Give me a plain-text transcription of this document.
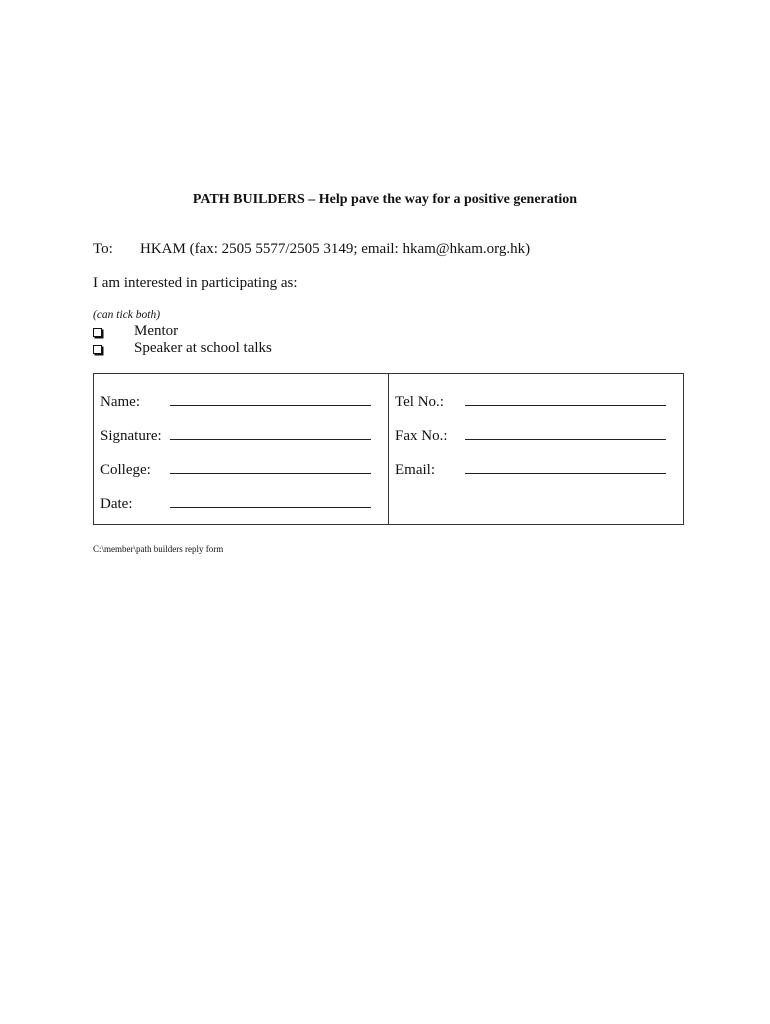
PATH BUILDERS – Help pave the way for a positive generation
To: HKAM (fax: 2505 5577/2505 3149; email: hkam@hkam.org.hk)
I am interested in participating as:
(can tick both)
Mentor
Speaker at school talks
Name:
Signature:
College:
Date:
Tel No.:
Fax No.:
Email:
C:\member\path builders reply form
